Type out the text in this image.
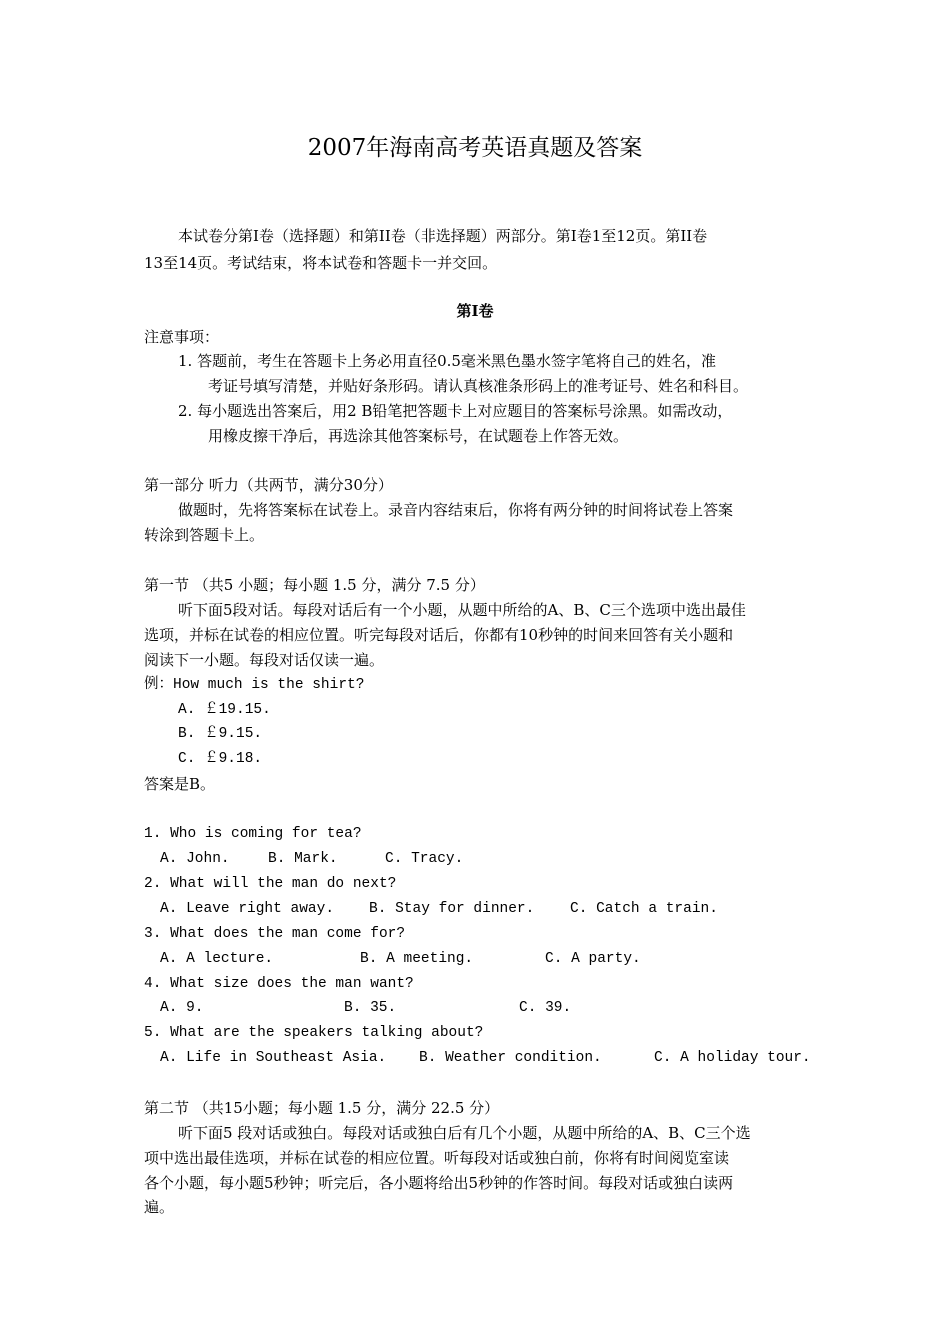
2007年海南高考英语真题及答案
本试卷分第I卷（选择题）和第II卷（非选择题）两部分。第I卷1至12页。第II卷
13至14页。考试结束，将本试卷和答题卡一并交回。
第I卷
注意事项：
1. 答题前，考生在答题卡上务必用直径0.5毫米黑色墨水签字笔将自己的姓名，准
考证号填写清楚，并贴好条形码。请认真核准条形码上的准考证号、姓名和科目。
2. 每小题选出答案后，用2 B铅笔把答题卡上对应题目的答案标号涂黑。如需改动，
用橡皮擦干净后，再选涂其他答案标号，在试题卷上作答无效。
第一部分 听力（共两节，满分30分）
做题时，先将答案标在试卷上。录音内容结束后，你将有两分钟的时间将试卷上答案
转涂到答题卡上。
第一节 （共5 小题；每小题 1.5 分，满分 7.5 分）
听下面5段对话。每段对话后有一个小题，从题中所给的A、B、C三个选项中选出最佳
选项，并标在试卷的相应位置。听完每段对话后，你都有10秒钟的时间来回答有关小题和
阅读下一小题。每段对话仅读一遍。
例：How much is the shirt?
A. ￡19.15.
B. ￡9.15.
C. ￡9.18.
答案是B。
1. Who is coming for tea?
A. John.	B. Mark.	C. Tracy.
2. What will the man do next?
A. Leave right away. B. Stay for dinner. C. Catch a train.
3. What does the man come for?
A. A lecture.	B. A meeting.	C. A party.
4. What size does the man want?
A. 9.	B. 35.	C. 39.
5. What are the speakers talking about?
A. Life in Southeast Asia. B. Weather condition.	C. A holiday tour.
第二节 （共15小题；每小题 1.5 分，满分 22.5 分）
听下面5 段对话或独白。每段对话或独白后有几个小题，从题中所给的A、B、C三个选
项中选出最佳选项，并标在试卷的相应位置。听每段对话或独白前，你将有时间阅览室读
各个小题，每小题5秒钟；听完后，各小题将给出5秒钟的作答时间。每段对话或独白读两
遍。
